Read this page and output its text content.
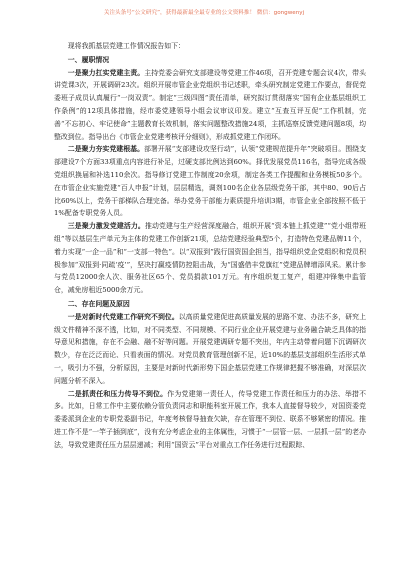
关注头条号“公文研究”，获得最新最全最专业的公文资料推！ 微信：gongwenyj

现将我抓基层党建工作情况报告如下：

一、履职情况

一是聚力扛实党建主责。主持党委会研究支部建设等党建工作46项，召开党建专题会议4次，带头讲党课3次，开展调研23次。组织开展市管企业党组织书记述职，牵头研究制定党建工作要点，督促党委班子成员认真履行“一岗双责”。制定“三级四图”责任清单，研究拟订贯彻落实“国有企业基层组织工作条例”的12项具体措施，经市委党建领导小组会议审议印发。建立“互查互评互促”工作机制，完善“不忘初心、牢记使命”主题教育长效机制，落实问题整改措施24项，主抓巡察反馈党建问题8项，均整改到位。指导出台《市管企业党建考核评分细则》，形成抓党建工作闭环。

二是聚力夯实党建根基。部署开展“支部建设攻坚行动”，认领“党建规范提升年”突破项目。围绕支部建设7个方面33项重点内容进行补足，过硬支部比例达到60%。择优发展党员116名，指导完成各级党组织换届和补选110余次。指导修订党建工作制度20余项，制定各类工作提醒和业务模板50多个。在市管企业实施党建“百人申报”计划，层层精选，调剂100名企业各层级党务干部，其中80、90后占比60%以上，党务干部梯队合理完备。举办党务干部能力素质提升培训3期，市管企业全部按照不低于1%配备专职党务人员。

三是聚力激发党建活力。推动党建与生产经营深度融合，组织开展“资本链上抓党建”“党小组带班组”等以基层生产单元为主体的党建工作创新21项，总结党建经验典型5个，打造特色党建品牌11个，着力实现“一企一品”和“一支部一特色”。以“双报到”践行国资国企担当，指导组织党企党组织和党员积极参加“双报到·同疏‘疫’”，坚决打赢疫情防控阻击战，为“国盛借丰党旗红”党建品牌增添风采。累计参与党员12000余人次、服务社区65个、党员捐款101万元。有序组织复工复产，组建冲锋集中监管仓，减免房租近5000余万元。

二、存在问题及原因

一是对新时代党建工作研究不到位。以高质量党建促进高质量发展的思路不宽、办法不多，研究上级文件精神不深不透，比如，对不同类型、不同规模、不同行业企业开展党建与业务融合缺乏具体的指导意见和措施，存在不会融、融不好等问题。开展党建调研专题不突出，年内主动带着问题下沉调研次数少，存在泛泛而论、只看表面的情况。对党员教育管理创新不足，近10%的基层支部组织生活形式单一，吸引力不强，分析原因，主要是对新时代新形势下国企基层党建工作规律把握不够准确，对深层次问题分析不深入。

二是抓责任和压力传导不到位。作为党建第一责任人，传导党建工作责任和压力的办法、举措不多。比如，日常工作中主要依赖分管负责同志和职能科室开展工作，我本人直接督导较少，对国资委党委委派到企业的专职党委副书记，年度考核督导抽查欠缺，存在管理不到位、联系不够紧密的情况。推进工作不是“一竿子插到底”，没有充分考虑企业的主体属性，习惯于“一层管一层、一层抓一层”的老办法，导致党建责任压力层层递减；利用“国资云”平台对重点工作任务进行过程跟踪、
